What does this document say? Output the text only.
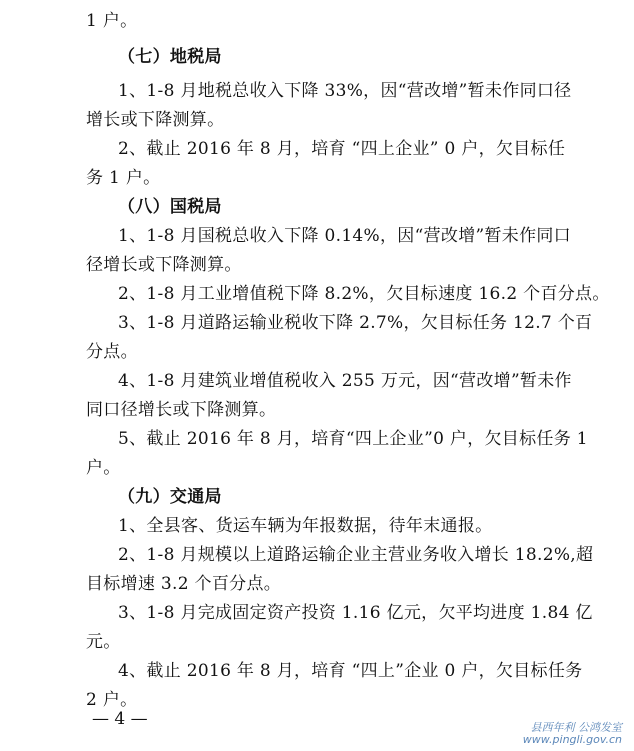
1 户。
（七）地税局
1、1-8 月地税总收入下降 33%，因“营改增”暂未作同口径
增长或下降测算。
2、截止 2016 年 8 月，培育 “四上企业” 0 户，欠目标任
务 1 户。
（八）国税局
1、1-8 月国税总收入下降 0.14%，因“营改增”暂未作同口
径增长或下降测算。
2、1-8 月工业增值税下降 8.2%，欠目标速度 16.2 个百分点。
3、1-8 月道路运输业税收下降 2.7%，欠目标任务 12.7 个百
分点。
4、1-8 月建筑业增值税收入 255 万元，因“营改增”暂未作
同口径增长或下降测算。
5、截止 2016 年 8 月，培育“四上企业”0 户，欠目标任务 1
户。
（九）交通局
1、全县客、货运车辆为年报数据，待年末通报。
2、1-8 月规模以上道路运输企业主营业务收入增长 18.2%,超
目标增速 3.2 个百分点。
3、1-8 月完成固定资产投资 1.16 亿元，欠平均进度 1.84 亿
元。
4、截止 2016 年 8 月，培育 “四上”企业 0 户，欠目标任务
2 户。
— 4 —	县西年利 公鸿发室
www.pingli.gov.cn
